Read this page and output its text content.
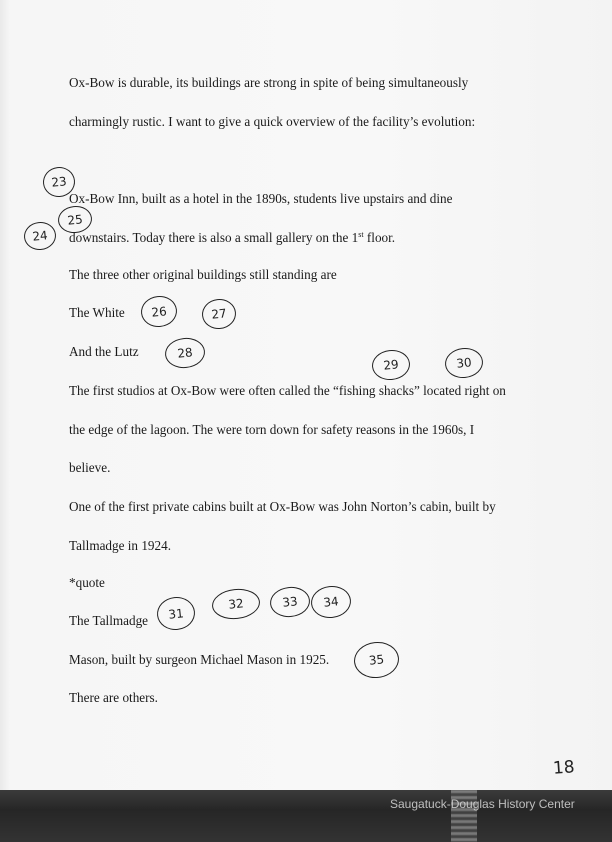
Ox-Bow is durable, its buildings are strong in spite of being simultaneously
charmingly rustic. I want to give a quick overview of the facility’s evolution:
Ox-Bow Inn, built as a hotel in the 1890s, students live upstairs and dine
downstairs. Today there is also a small gallery on the 1st floor.
The three other original buildings still standing are
The White
And the Lutz
The first studios at Ox-Bow were often called the “fishing shacks” located right on
the edge of the lagoon. The were torn down for safety reasons in the 1960s, I
believe.
One of the first private cabins built at Ox-Bow was John Norton’s cabin, built by
Tallmadge in 1924.
*quote
The Tallmadge
Mason, built by surgeon Michael Mason in 1925.
There are others.
23
24
25
26	27
28
29	30
31
32	33	34
35
18
Saugatuck-Douglas History Center
